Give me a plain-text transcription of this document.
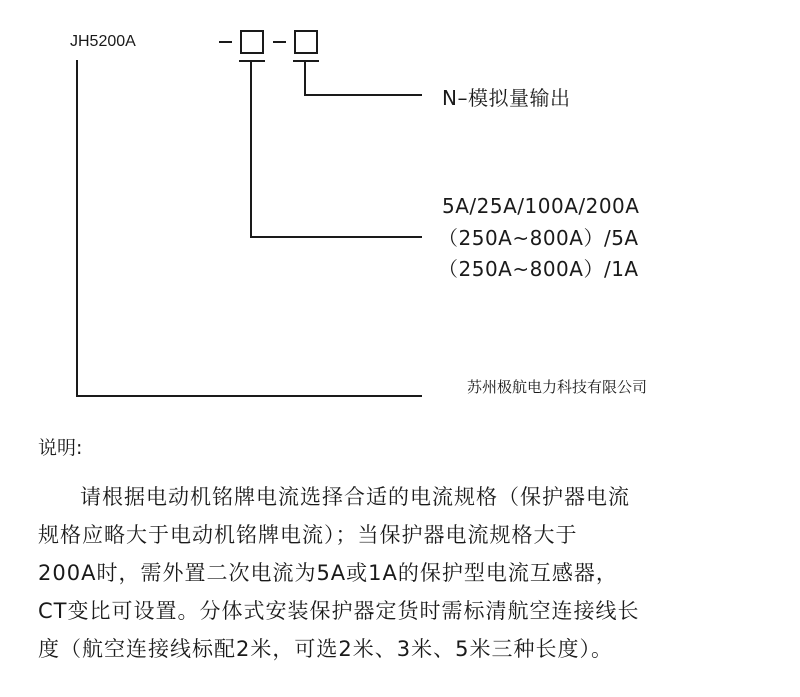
JH5200A
N–模拟量输出
5A/25A/100A/200A
（250A~800A）/5A
（250A~800A）/1A
苏州极航电力科技有限公司
说明:
请根据电动机铭牌电流选择合适的电流规格（保护器电流
规格应略大于电动机铭牌电流）；当保护器电流规格大于
200A时，需外置二次电流为5A或1A的保护型电流互感器，
CT变比可设置。分体式安装保护器定货时需标清航空连接线长
度（航空连接线标配2米，可选2米、3米、5米三种长度）。
